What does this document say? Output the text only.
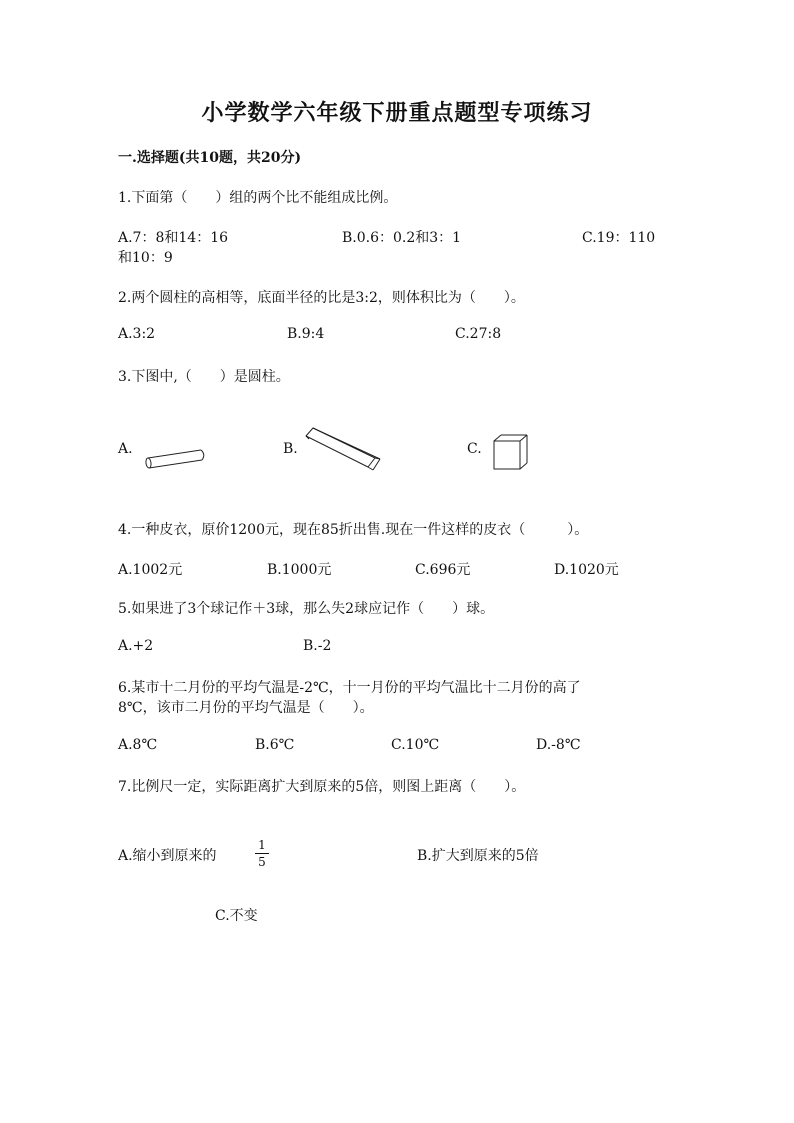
小学数学六年级下册重点题型专项练习
一.选择题(共10题，共20分)
1.下面第（　　）组的两个比不能组成比例。
A.7：8和14：16	B.0.6：0.2和3：1	C.19：110
和10：9
2.两个圆柱的高相等，底面半径的比是3:2，则体积比为（　　）。
A.3:2	B.9:4	C.27:8
3.下图中,（　　）是圆柱。
A.	B.	C.
4.一种皮衣，原价1200元，现在85折出售.现在一件这样的皮衣（　　　）。
A.1002元	B.1000元	C.696元	D.1020元
5.如果进了3个球记作＋3球，那么失2球应记作（　　）球。
A.+2	B.-2
6.某市十二月份的平均气温是-2℃，十一月份的平均气温比十二月份的高了
8℃，该市二月份的平均气温是（　　）。
A.8℃	B.6℃	C.10℃	D.-8℃
7.比例尺一定，实际距离扩大到原来的5倍，则图上距离（　　）。
A.缩小到原来的
1
5	B.扩大到原来的5倍
C.不变
